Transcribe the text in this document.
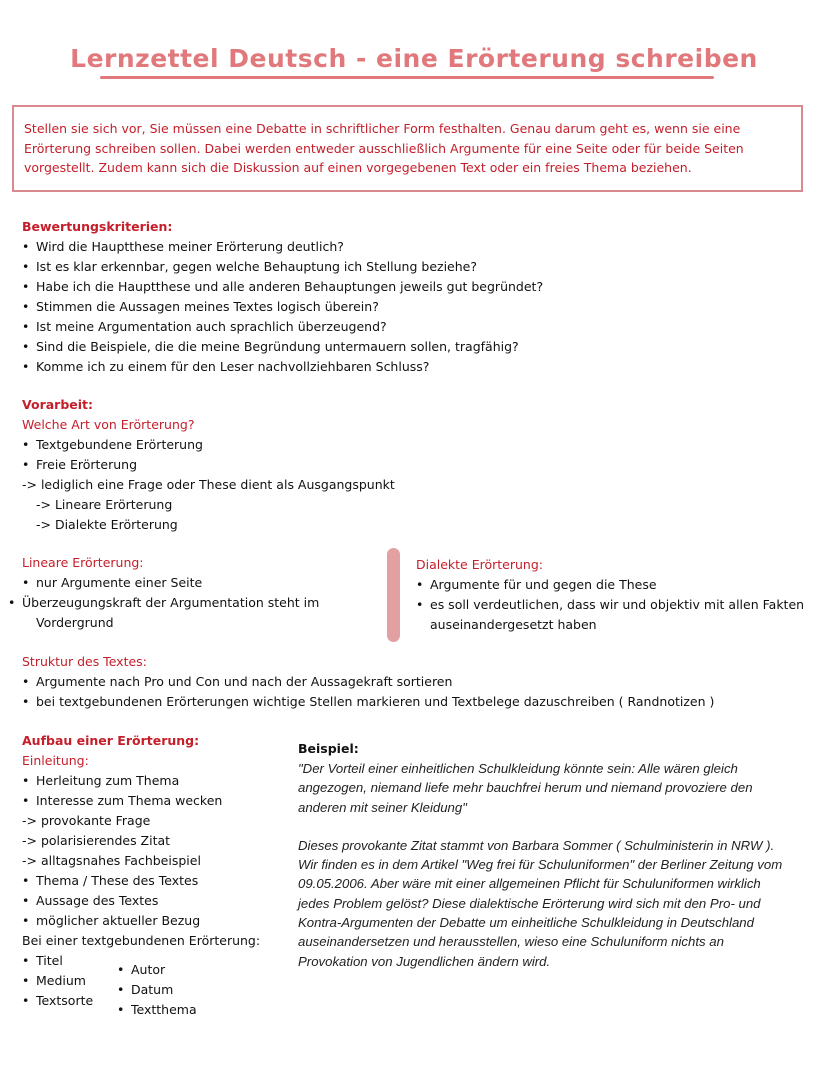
Lernzettel Deutsch - eine Erörterung schreiben
Stellen sie sich vor, Sie müssen eine Debatte in schriftlicher Form festhalten. Genau darum geht es, wenn sie eine Erörterung schreiben sollen. Dabei werden entweder ausschließlich Argumente für eine Seite oder für beide Seiten vorgestellt. Zudem kann sich die Diskussion auf einen vorgegebenen Text oder ein freies Thema beziehen.
Bewertungskriterien:
• Wird die Hauptthese meiner Erörterung deutlich?
• Ist es klar erkennbar, gegen welche Behauptung ich Stellung beziehe?
• Habe ich die Hauptthese und alle anderen Behauptungen jeweils gut begründet?
• Stimmen die Aussagen meines Textes logisch überein?
• Ist meine Argumentation auch sprachlich überzeugend?
• Sind die Beispiele, die die meine Begründung untermauern sollen, tragfähig?
• Komme ich zu einem für den Leser nachvollziehbaren Schluss?
Vorarbeit:
Welche Art von Erörterung?
• Textgebundene Erörterung
• Freie Erörterung
-> lediglich eine Frage oder These dient als Ausgangspunkt
-> Lineare Erörterung
-> Dialekte Erörterung
Lineare Erörterung:
• nur Argumente einer Seite
• Überzeugungskraft der Argumentation steht im Vordergrund
Dialekte Erörterung:
• Argumente für und gegen die These
• es soll verdeutlichen, dass wir und objektiv mit allen Fakten auseinandergesetzt haben
Struktur des Textes:
• Argumente nach Pro und Con und nach der Aussagekraft sortieren
• bei textgebundenen Erörterungen wichtige Stellen markieren und Textbelege dazuschreiben ( Randnotizen )
Aufbau einer Erörterung:
Einleitung:
• Herleitung zum Thema
• Interesse zum Thema wecken
-> provokante Frage
-> polarisierendes Zitat
-> alltagsnahes Fachbeispiel
• Thema / These des Textes
• Aussage des Textes
• möglicher aktueller Bezug
Bei einer textgebundenen Erörterung:
• Titel
• Medium
• Textsorte
• Autor
• Datum
• Textthema
Beispiel:
"Der Vorteil einer einheitlichen Schulkleidung könnte sein: Alle wären gleich angezogen, niemand liefe mehr bauchfrei herum und niemand provoziere den anderen mit seiner Kleidung"
Dieses provokante Zitat stammt von Barbara Sommer ( Schulministerin in NRW ). Wir finden es in dem Artikel "Weg frei für Schuluniformen" der Berliner Zeitung vom 09.05.2006. Aber wäre mit einer allgemeinen Pflicht für Schuluniformen wirklich jedes Problem gelöst? Diese dialektische Erörterung wird sich mit den Pro- und Kontra-Argumenten der Debatte um einheitliche Schulkleidung in Deutschland auseinandersetzen und herausstellen, wieso eine Schuluniform nichts an Provokation von Jugendlichen ändern wird.
